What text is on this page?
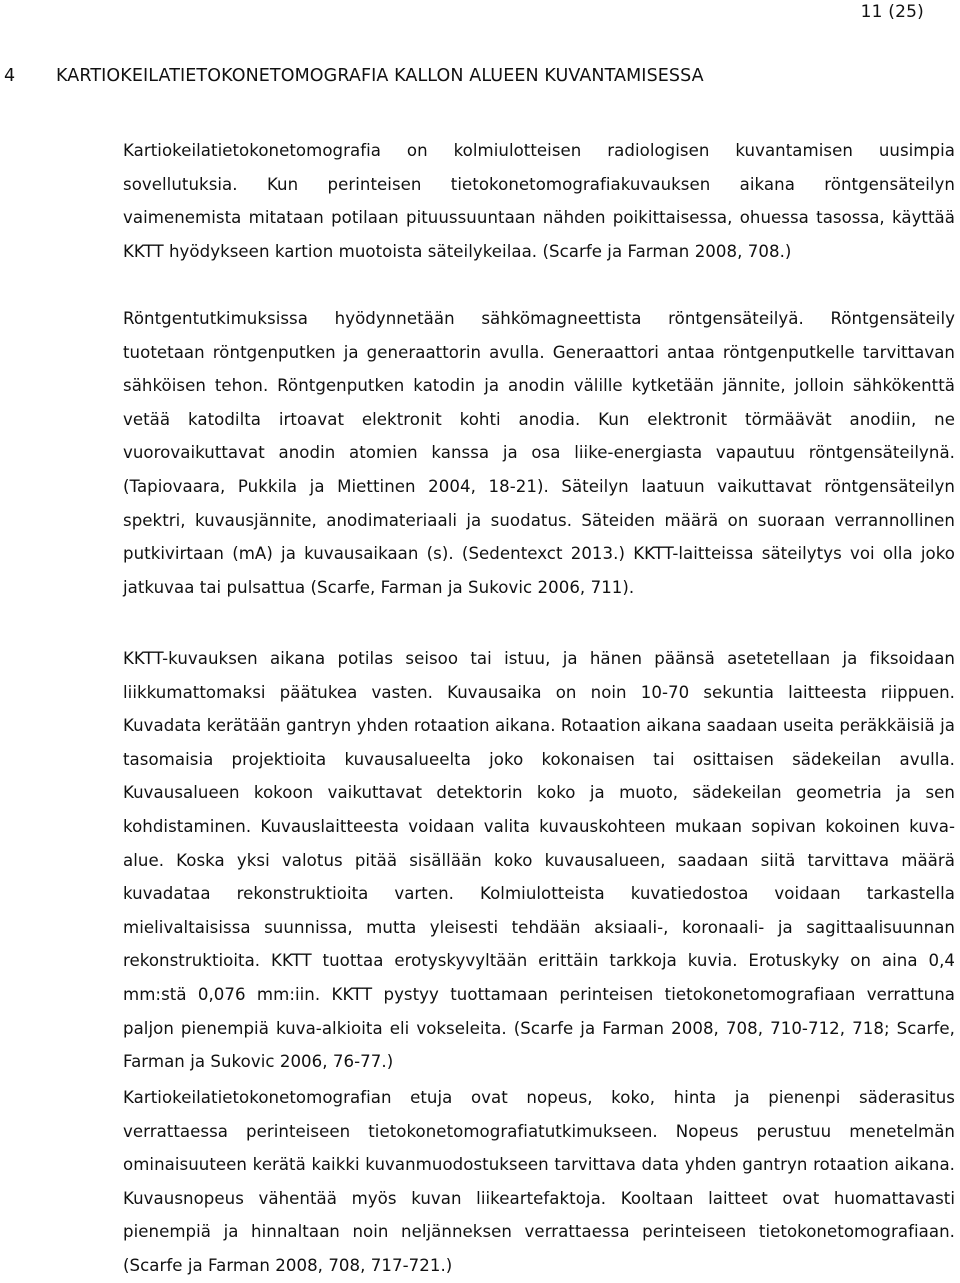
11 (25)
4 KARTIOKEILATIETOKONETOMOGRAFIA KALLON ALUEEN KUVANTAMISESSA

Kartiokeilatietokonetomografia on kolmiulotteisen radiologisen kuvantamisen uusimpia sovellutuksia. Kun perinteisen tietokonetomografiakuvauksen aikana röntgensäteilyn vaimenemista mitataan potilaan pituussuuntaan nähden poikittaisessa, ohuessa tasossa, käyttää KKTT hyödykseen kartion muotoista säteilykeilaa. (Scarfe ja Farman 2008, 708.)

Röntgentutkimuksissa hyödynnetään sähkömagneettista röntgensäteilyä. Röntgensäteily tuotetaan röntgenputken ja generaattorin avulla. Generaattori antaa röntgenputkelle tarvittavan sähköisen tehon. Röntgenputken katodin ja anodin välille kytketään jännite, jolloin sähkökenttä vetää katodilta irtoavat elektronit kohti anodia. Kun elektronit törmäävät anodiin, ne vuorovaikuttavat anodin atomien kanssa ja osa liike-energiasta vapautuu röntgensäteilynä. (Tapiovaara, Pukkila ja Miettinen 2004, 18-21). Säteilyn laatuun vaikuttavat röntgensäteilyn spektri, kuvausjännite, anodimateriaali ja suodatus. Säteiden määrä on suoraan verrannollinen putkivirtaan (mA) ja kuvausaikaan (s). (Sedentexct 2013.) KKTT-laitteissa säteilytys voi olla joko jatkuvaa tai pulsattua (Scarfe, Farman ja Sukovic 2006, 711).

KKTT-kuvauksen aikana potilas seisoo tai istuu, ja hänen päänsä asetetellaan ja fiksoidaan liikkumattomaksi päätukea vasten. Kuvausaika on noin 10-70 sekuntia laitteesta riippuen. Kuvadata kerätään gantryn yhden rotaation aikana. Rotaation aikana saadaan useita peräkkäisiä ja tasomaisia projektioita kuvausalueelta joko kokonaisen tai osittaisen sädekeilan avulla. Kuvausalueen kokoon vaikuttavat detektorin koko ja muoto, sädekeilan geometria ja sen kohdistaminen. Kuvauslaitteesta voidaan valita kuvauskohteen mukaan sopivan kokoinen kuva-alue. Koska yksi valotus pitää sisällään koko kuvausalueen, saadaan siitä tarvittava määrä kuvadataa rekonstruktioita varten. Kolmiulotteista kuvatiedostoa voidaan tarkastella mielivaltaisissa suunnissa, mutta yleisesti tehdään aksiaali-, koronaali- ja sagittaalisuunnan rekonstruktioita. KKTT tuottaa erotyskyvyltään erittäin tarkkoja kuvia. Erotuskyky on aina 0,4 mm:stä 0,076 mm:iin. KKTT pystyy tuottamaan perinteisen tietokonetomografiaan verrattuna paljon pienempiä kuva-alkioita eli vokseleita. (Scarfe ja Farman 2008, 708, 710-712, 718; Scarfe, Farman ja Sukovic 2006, 76-77.)

Kartiokeilatietokonetomografian etuja ovat nopeus, koko, hinta ja pienenpi säderasitus verrattaessa perinteiseen tietokonetomografiatutkimukseen. Nopeus perustuu menetelmän ominaisuuteen kerätä kaikki kuvanmuodostukseen tarvittava data yhden gantryn rotaation aikana. Kuvausnopeus vähentää myös kuvan liikeartefaktoja. Kooltaan laitteet ovat huomattavasti pienempiä ja hinnaltaan noin neljänneksen verrattaessa perinteiseen tietokonetomografiaan. (Scarfe ja Farman 2008, 708, 717-721.)
